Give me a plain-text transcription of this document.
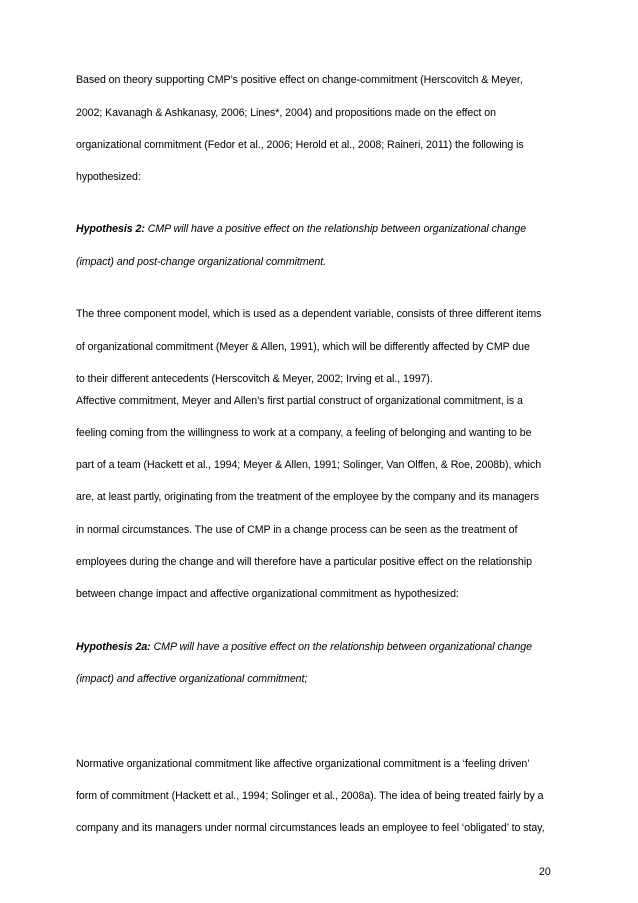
Based on theory supporting CMP’s positive effect on change-commitment (Herscovitch & Meyer,
2002; Kavanagh & Ashkanasy, 2006; Lines*, 2004) and propositions made on the effect on
organizational commitment (Fedor et al., 2006; Herold et al., 2008; Raineri, 2011) the following is
hypothesized:
Hypothesis 2: CMP will have a positive effect on the relationship between organizational change
(impact) and post-change organizational commitment.
The three component model, which is used as a dependent variable, consists of three different items
of organizational commitment (Meyer & Allen, 1991), which will be differently affected by CMP due
to their different antecedents (Herscovitch & Meyer, 2002; Irving et al., 1997).
Affective commitment, Meyer and Allen’s first partial construct of organizational commitment, is a
feeling coming from the willingness to work at a company, a feeling of belonging and wanting to be
part of a team (Hackett et al., 1994; Meyer & Allen, 1991; Solinger, Van Olffen, & Roe, 2008b), which
are, at least partly, originating from the treatment of the employee by the company and its managers
in normal circumstances. The use of CMP in a change process can be seen as the treatment of
employees during the change and will therefore have a particular positive effect on the relationship
between change impact and affective organizational commitment as hypothesized:
Hypothesis 2a: CMP will have a positive effect on the relationship between organizational change
(impact) and affective organizational commitment;
Normative organizational commitment like affective organizational commitment is a ‘feeling driven’
form of commitment (Hackett et al., 1994; Solinger et al., 2008a). The idea of being treated fairly by a
company and its managers under normal circumstances leads an employee to feel ‘obligated’ to stay,
20
